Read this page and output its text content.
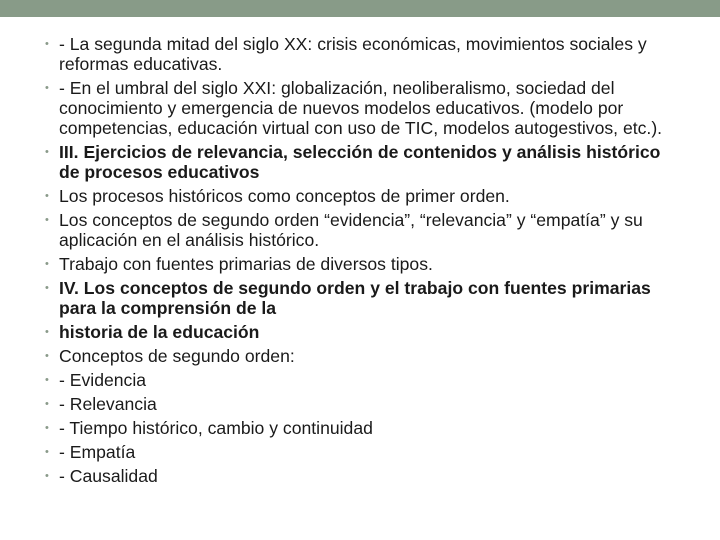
• - La segunda mitad del siglo XX: crisis económicas, movimientos sociales y reformas educativas.
• - En el umbral del siglo XXI: globalización, neoliberalismo, sociedad del conocimiento y emergencia de nuevos modelos educativos. (modelo por competencias, educación virtual con uso de TIC, modelos autogestivos, etc.).
• III. Ejercicios de relevancia, selección de contenidos y análisis histórico de procesos educativos
• Los procesos históricos como conceptos de primer orden.
• Los conceptos de segundo orden “evidencia”, “relevancia” y “empatía” y su aplicación en el análisis histórico.
• Trabajo con fuentes primarias de diversos tipos.
• IV. Los conceptos de segundo orden y el trabajo con fuentes primarias para la comprensión de la
• historia de la educación
• Conceptos de segundo orden:
• - Evidencia
• - Relevancia
• - Tiempo histórico, cambio y continuidad
• - Empatía
• - Causalidad
